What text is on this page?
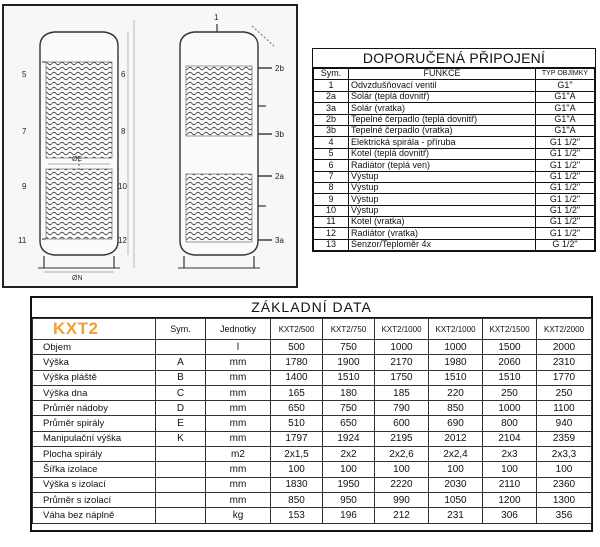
5
7
9
11
6
8
10
12
1
2b
3b
2a
3a
ØE
ØN
DOPORUČENÁ PŘIPOJENÍ
Sym.	FUNKCE	TYP OBJÍMKY
1	Odvzdušňovací ventil	G1"
2a	Solár (teplá dovnitř)	G1"A
3a	Solár (vratka)	G1"A
2b	Tepelné čerpadlo (teplá dovnitř)	G1"A
3b	Tepelné čerpadlo (vratka)	G1"A
4	Elektrická spirála - příruba	G1 1/2"
5	Kotel (teplá dovnitř)	G1 1/2"
6	Radiátor (teplá ven)	G1 1/2"
7	Výstup	G1 1/2"
8	Výstup	G1 1/2"
9	Výstup	G1 1/2"
10	Výstup	G1 1/2"
11	Kotel (vratka)	G1 1/2"
12	Radiátor (vratka)	G1 1/2"
13	Senzor/Teploměr 4x	G 1/2"
ZÁKLADNÍ DATA
KXT2	Sym.	Jednotky	KXT2/500	KXT2/750	KXT2/1000	KXT2/1000	KXT2/1500	KXT2/2000
Objem		l	500	750	1000	1000	1500	2000
Výška	A	mm	1780	1900	2170	1980	2060	2310
Výška pláště	B	mm	1400	1510	1750	1510	1510	1770
Výška dna	C	mm	165	180	185	220	250	250
Průměr nádoby	D	mm	650	750	790	850	1000	1100
Průměr spirály	E	mm	510	650	600	690	800	940
Manipulační výška	K	mm	1797	1924	2195	2012	2104	2359
Plocha spirály		m2	2x1,5	2x2	2x2,6	2x2,4	2x3	2x3,3
Šířka izolace		mm	100	100	100	100	100	100
Výška s izolací		mm	1830	1950	2220	2030	2110	2360
Průměr s izolací		mm	850	950	990	1050	1200	1300
Váha bez náplně		kg	153	196	212	231	306	356
